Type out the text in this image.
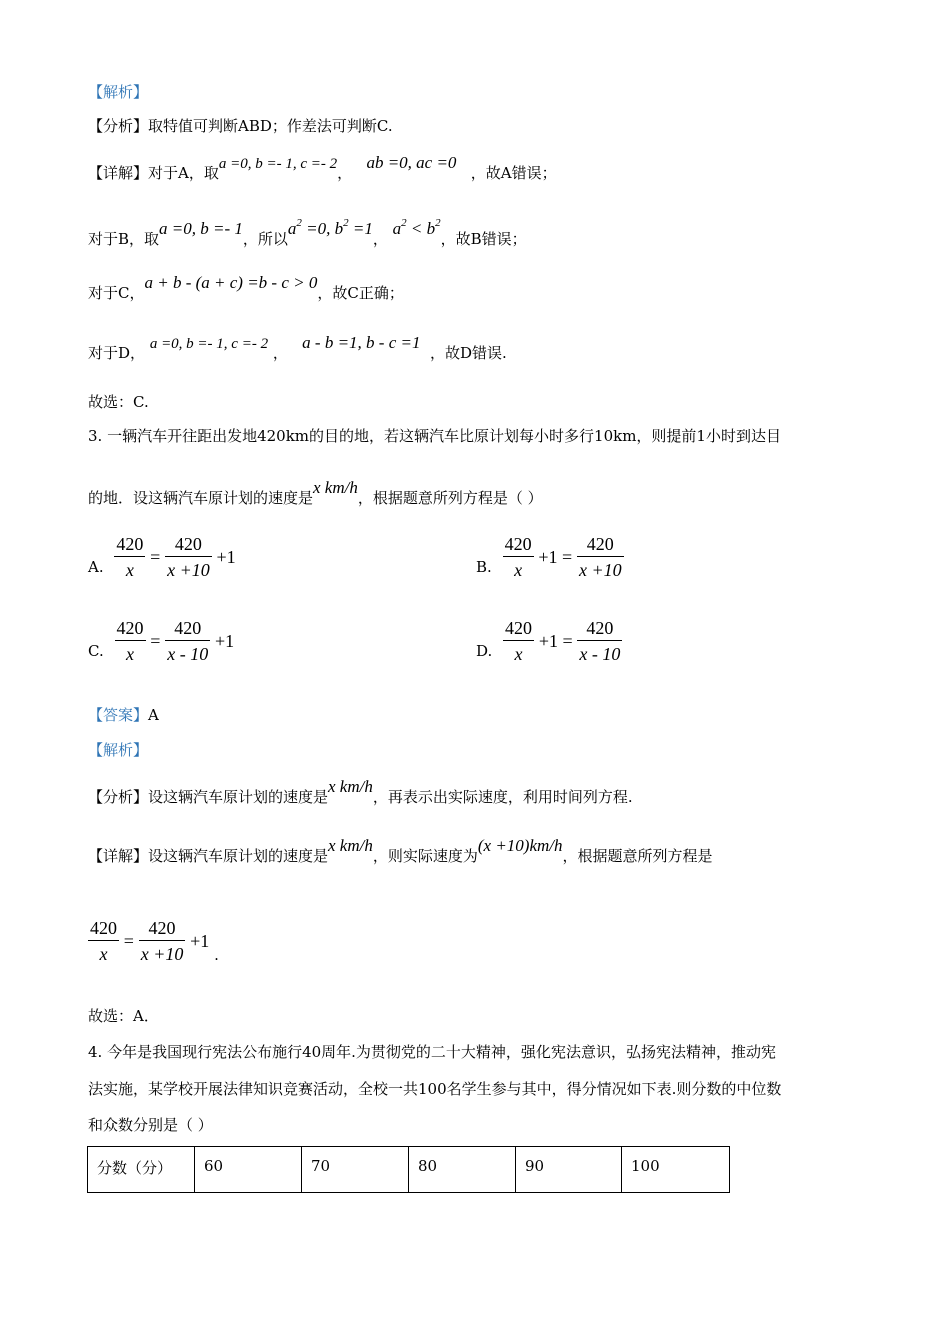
【解析】
【分析】取特值可判断ABD；作差法可判断C.
【详解】对于A，取a =0, b =- 1, c =- 2，   ab =0, ac =0   ，故A错误；
对于B，取a =0, b =- 1，所以$a^2 =0$, $b^2 =1$， $a^2 < b^2$，故B错误；
对于C，a + b - (a + c) =b - c > 0，故C正确；
对于D， a =0, b =- 1, c =- 2 ，   a - b =1, b - c =1  ，故D错误.
故选：C.
3. 一辆汽车开往距出发地420km的目的地，若这辆汽车比原计划每小时多行10km，则提前1小时到达目
的地．设这辆汽车原计划的速度是x km/h，根据题意所列方程是（ ）
A. $\frac{420}{x} = \frac{420}{x +10} +1$	B. $\frac{420}{x} +1 = \frac{420}{x +10}$
C. $\frac{420}{x} = \frac{420}{x - 10} +1$	D. $\frac{420}{x} +1 = \frac{420}{x - 10}$
【答案】A
【解析】
【分析】设这辆汽车原计划的速度是x km/h，再表示出实际速度，利用时间列方程.
【详解】设这辆汽车原计划的速度是x km/h，则实际速度为(x +10)km/h，根据题意所列方程是
$\frac{420}{x} = \frac{420}{x +10} +1$ .
故选：A．
4. 今年是我国现行宪法公布施行40周年.为贯彻党的二十大精神，强化宪法意识，弘扬宪法精神，推动宪
法实施，某学校开展法律知识竞赛活动，全校一共100名学生参与其中，得分情况如下表.则分数的中位数
和众数分别是（ ）
分数（分）	60	70	80	90	100
